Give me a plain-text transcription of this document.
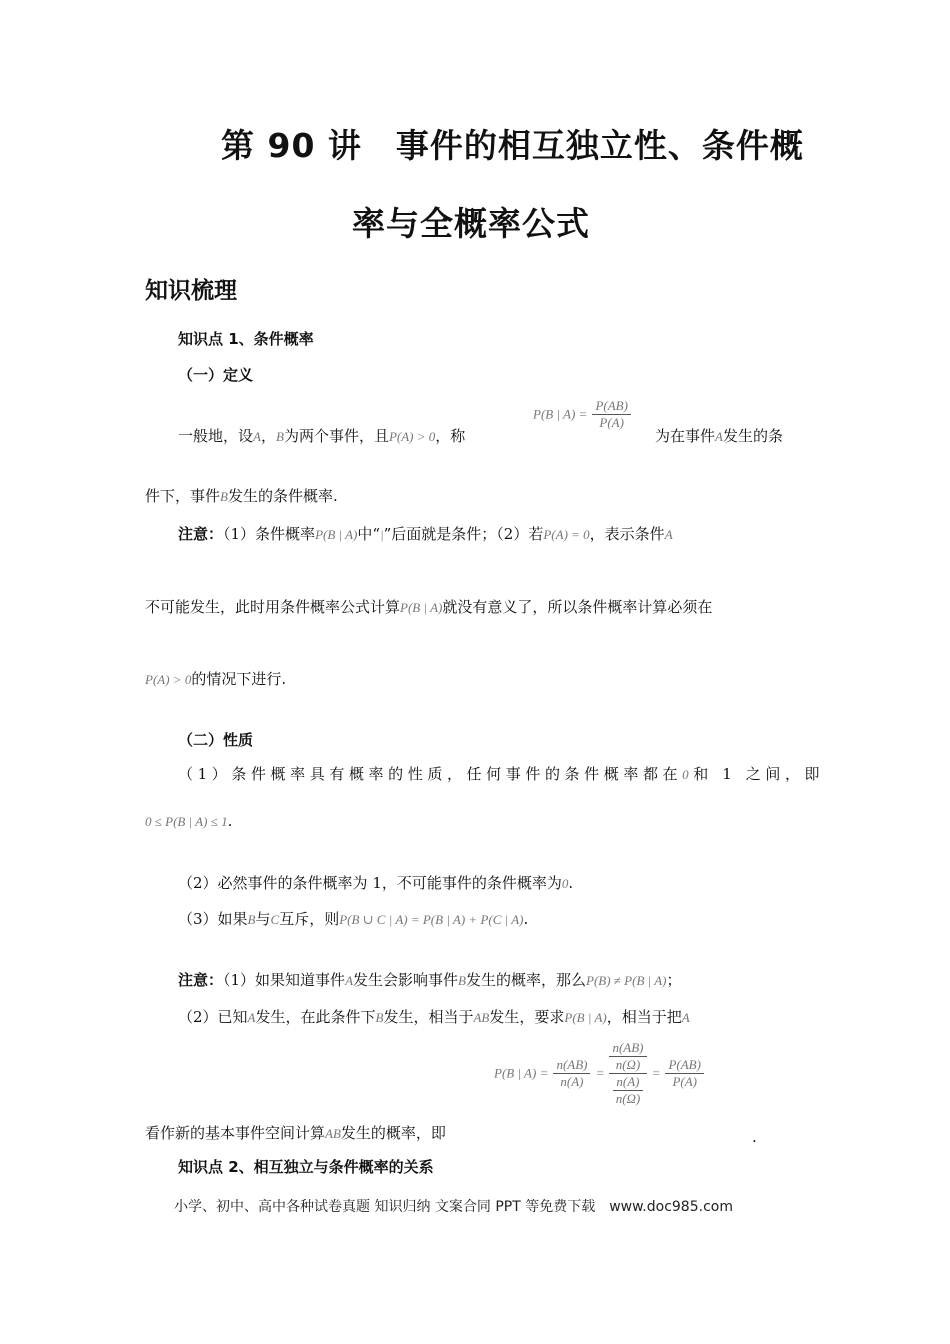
第 90 讲　事件的相互独立性、条件概
率与全概率公式
知识梳理
知识点 1、条件概率
（一）定义
一般地，设A，B为两个事件，且P(A) > 0，称
P(B | $A) = \frac{P(AB)}{P(A)}$
为在事件A发生的条
件下，事件B发生的条件概率.
注意：（1）条件概率P(B | A)中“|”后面就是条件；（2）若P(A) = 0，表示条件A
不可能发生，此时用条件概率公式计算P(B | A)就没有意义了，所以条件概率计算必须在
P(A) > 0的情况下进行.
（二）性质
（1）条件概率具有概率的性质，任何事件的条件概率都在0和 1 之间，即
0 ≤ P(B | A) ≤ 1.
（2）必然事件的条件概率为 1，不可能事件的条件概率为0.
（3）如果B与C互斥，则P(B ∪ C | A) = P(B | A) + P(C | A).
注意：（1）如果知道事件A发生会影响事件B发生的概率，那么P(B) ≠ P(B | A)；
（2）已知A发生，在此条件下B发生，相当于AB发生，要求P(B | A)，相当于把A
P(B | $A) = \frac{n(AB)}{n(A)} = \frac{\frac{n(AB)}{n(\Omega)}}{\frac{n(A)}{n(\Omega)}} = \frac{P(AB)}{P(A)}$
看作新的基本事件空间计算AB发生的概率，即	.
知识点 2、相互独立与条件概率的关系
小学、初中、高中各种试卷真题 知识归纳 文案合同 PPT 等免费下载　www.doc985.com
